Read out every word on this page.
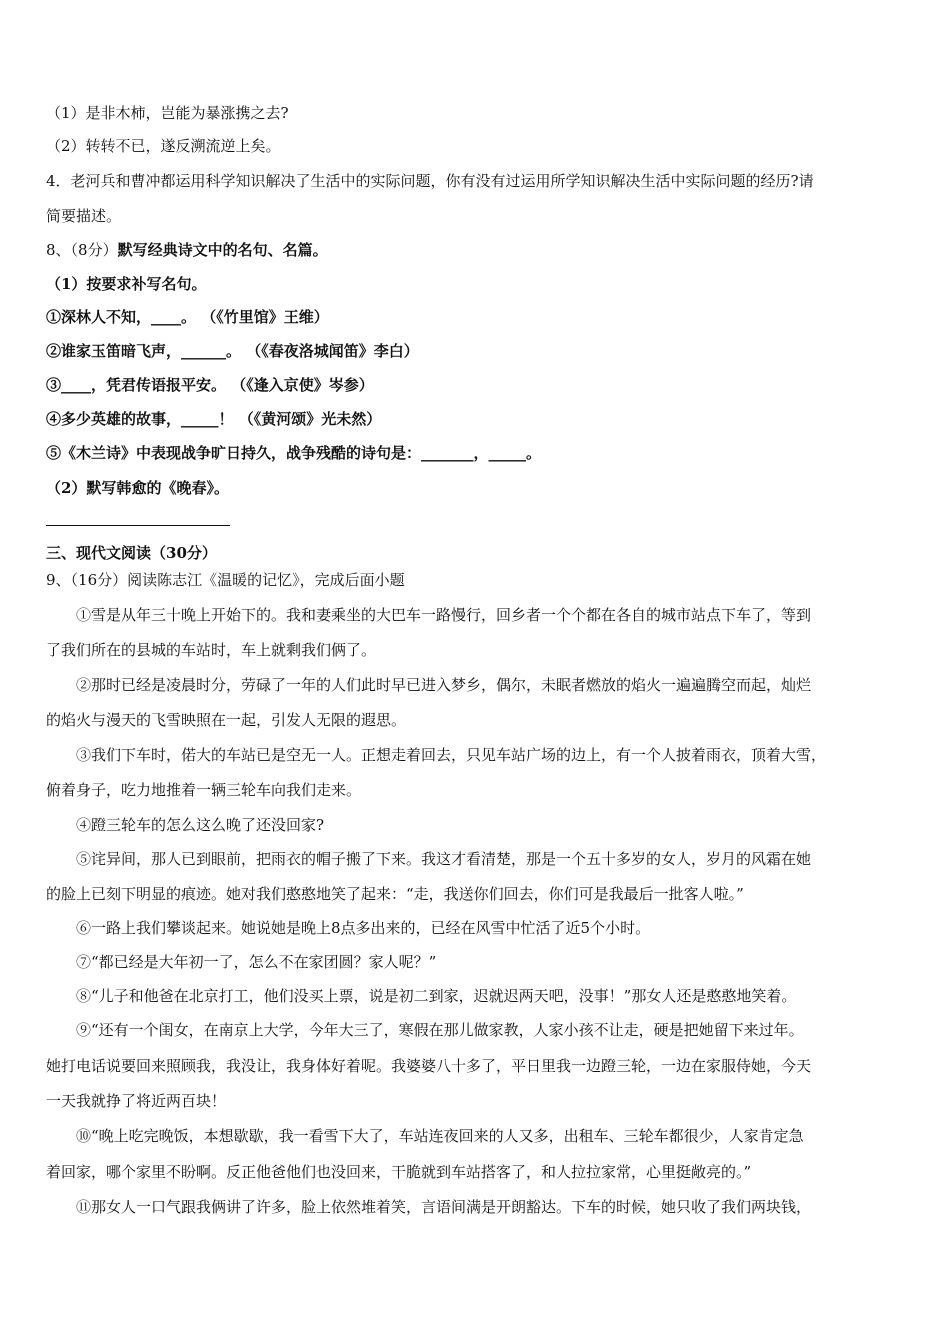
（1）是非木柿，岂能为暴涨携之去?
（2）转转不已，遂反溯流逆上矣。
4．老河兵和曹冲都运用科学知识解决了生活中的实际问题，你有没有过运用所学知识解决生活中实际问题的经历?请
简要描述。
8、（8分）默写经典诗文中的名句、名篇。
（1）按要求补写名句。
①深林人不知，____。 （《竹里馆》王维）
②谁家玉笛暗飞声，______。 （《春夜洛城闻笛》李白）
③____，凭君传语报平安。 （《逢入京使》岑参）
④多少英雄的故事，_____！ （《黄河颂》光未然）
⑤《木兰诗》中表现战争旷日持久，战争残酷的诗句是：_______，_____。
（2）默写韩愈的《晚春》。
三、现代文阅读（30分）
9、（16分）阅读陈志江《温暖的记忆》，完成后面小题
①雪是从年三十晚上开始下的。我和妻乘坐的大巴车一路慢行，回乡者一个个都在各自的城市站点下车了，等到
了我们所在的县城的车站时，车上就剩我们俩了。
②那时已经是凌晨时分，劳碌了一年的人们此时早已进入梦乡，偶尔，未眠者燃放的焰火一遍遍腾空而起，灿烂
的焰火与漫天的飞雪映照在一起，引发人无限的遐思。
③我们下车时，偌大的车站已是空无一人。正想走着回去，只见车站广场的边上，有一个人披着雨衣，顶着大雪，
俯着身子，吃力地推着一辆三轮车向我们走来。
④蹬三轮车的怎么这么晚了还没回家?
⑤诧异间，那人已到眼前，把雨衣的帽子搬了下来。我这才看清楚，那是一个五十多岁的女人，岁月的风霜在她
的脸上已刻下明显的痕迹。她对我们憨憨地笑了起来：“走，我送你们回去，你们可是我最后一批客人啦。”
⑥一路上我们攀谈起来。她说她是晚上8点多出来的，已经在风雪中忙活了近5个小时。
⑦“都已经是大年初一了，怎么不在家团圆？家人呢？”
⑧“儿子和他爸在北京打工，他们没买上票，说是初二到家，迟就迟两天吧，没事！”那女人还是憨憨地笑着。
⑨“还有一个闺女，在南京上大学，今年大三了，寒假在那儿做家教，人家小孩不让走，硬是把她留下来过年。
她打电话说要回来照顾我，我没让，我身体好着呢。我婆婆八十多了，平日里我一边蹬三轮，一边在家服侍她，今天
一天我就挣了将近两百块！
⑩“晚上吃完晚饭，本想歇歇，我一看雪下大了，车站连夜回来的人又多，出租车、三轮车都很少，人家肯定急
着回家，哪个家里不盼啊。反正他爸他们也没回来，干脆就到车站搭客了，和人拉拉家常，心里挺敞亮的。”
⑪那女人一口气跟我俩讲了许多，脸上依然堆着笑，言语间满是开朗豁达。下车的时候，她只收了我们两块钱，
